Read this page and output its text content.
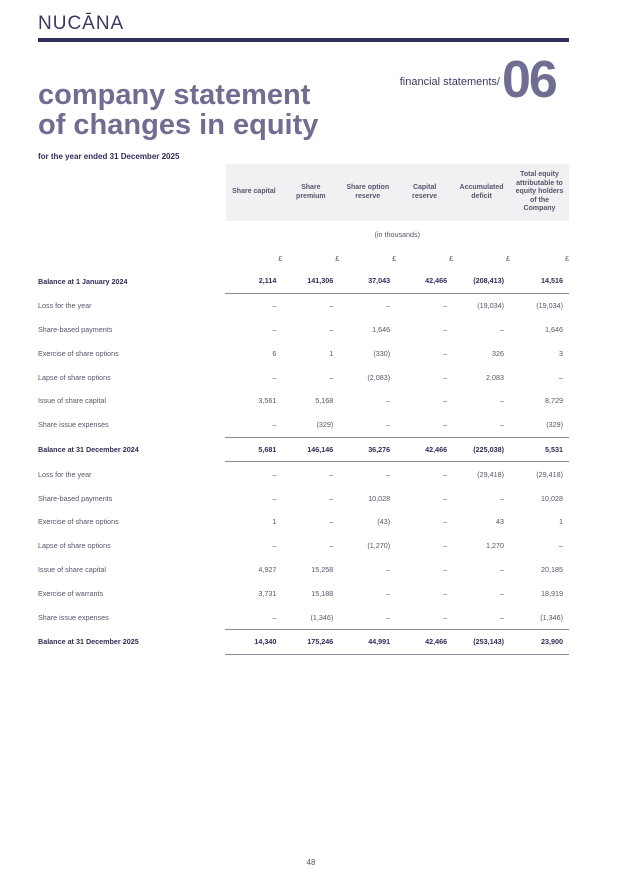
NUCĀNA
financial statements/ 06
company statement
of changes in equity
for the year ended 31 December 2025
	Share capital	Share premium	Share option reserve	Capital reserve	Accumulated deficit	Total equity attributable to equity holders of the Company
	(in thousands)					
	£	£	£	£	£	£
Balance at 1 January 2024	2,114	141,306	37,043	42,466	(208,413)	14,516
Loss for the year	–	–	–	–	(19,034)	(19,034)
Share-based payments	–	–	1,646	–	–	1,646
Exercise of share options	6	1	(330)	–	326	3
Lapse of share options	–	–	(2,083)	–	2,083	–
Issue of share capital	3,561	5,168	–	–	–	8,729
Share issue expenses	–	(329)	–	–	–	(329)
Balance at 31 December 2024	5,681	146,146	36,276	42,466	(225,038)	5,531
Loss for the year	–	–	–	–	(29,418)	(29,418)
Share-based payments	–	–	10,028	–	–	10,028
Exercise of share options	1	–	(43)	–	43	1
Lapse of share options	–	–	(1,270)	–	1,270	–
Issue of share capital	4,927	15,258	–	–	–	20,185
Exercise of warrants	3,731	15,188	–	–	–	18,919
Share issue expenses	–	(1,346)	–	–	–	(1,346)
Balance at 31 December 2025	14,340	175,246	44,991	42,466	(253,143)	23,900
48
